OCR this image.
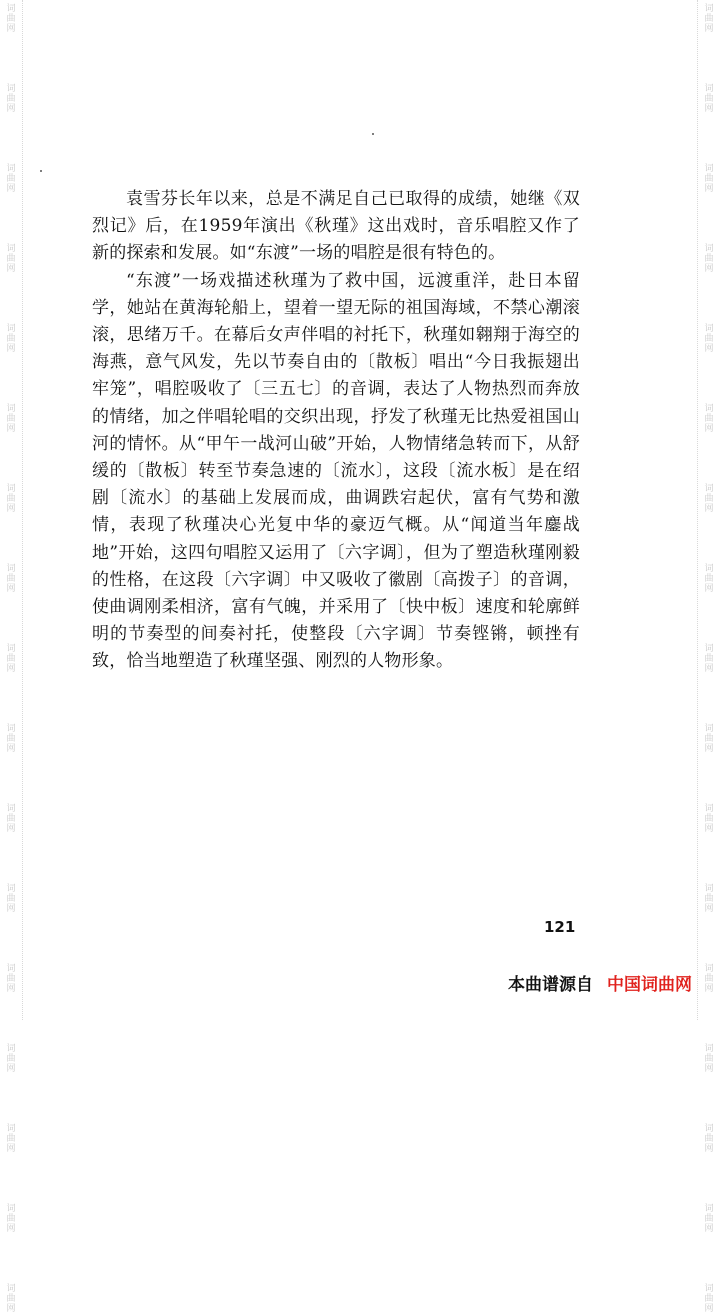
词
曲
网
词
曲
网
词
曲
网
词
曲
网
词
曲
网
词
曲
网
词
曲
网
词
曲
网
词
曲
网
词
曲
网
词
曲
网
词
曲
网
词
曲
网
词
曲
网
词
曲
网
词
曲
网
词
曲
网
词
曲
网
词
曲
网
词
曲
网
词
曲
网
词
曲
网
词
曲
网
词
曲
网
词
曲
网
词
曲
网
词
曲
网
词
曲
网
词
曲
网
词
曲
网
词
曲
网
词
曲
网
词
曲
网
词
曲
网

袁雪芬长年以来，总是不满足自己已取得的成绩，她继《双烈记》后，在1959年演出《秋瑾》这出戏时，音乐唱腔又作了新的探索和发展。如“东渡”一场的唱腔是很有特色的。

“东渡”一场戏描述秋瑾为了救中国，远渡重洋，赴日本留学，她站在黄海轮船上，望着一望无际的祖国海域，不禁心潮滚滚，思绪万千。在幕后女声伴唱的衬托下，秋瑾如翱翔于海空的海燕，意气风发，先以节奏自由的〔散板〕唱出“今日我振翅出牢笼”，唱腔吸收了〔三五七〕的音调，表达了人物热烈而奔放的情绪，加之伴唱轮唱的交织出现，抒发了秋瑾无比热爱祖国山河的情怀。从“甲午一战河山破”开始，人物情绪急转而下，从舒缓的〔散板〕转至节奏急速的〔流水〕，这段〔流水板〕是在绍剧〔流水〕的基础上发展而成，曲调跌宕起伏，富有气势和激情，表现了秋瑾决心光复中华的豪迈气概。从“闻道当年鏖战地”开始，这四句唱腔又运用了〔六字调〕，但为了塑造秋瑾刚毅的性格，在这段〔六字调〕中又吸收了徽剧〔高拨子〕的音调，使曲调刚柔相济，富有气魄，并采用了〔快中板〕速度和轮廓鲜明的节奏型的间奏衬托，使整段〔六字调〕节奏铿锵，顿挫有致，恰当地塑造了秋瑾坚强、刚烈的人物形象。

121
本曲谱源自 中国词曲网
